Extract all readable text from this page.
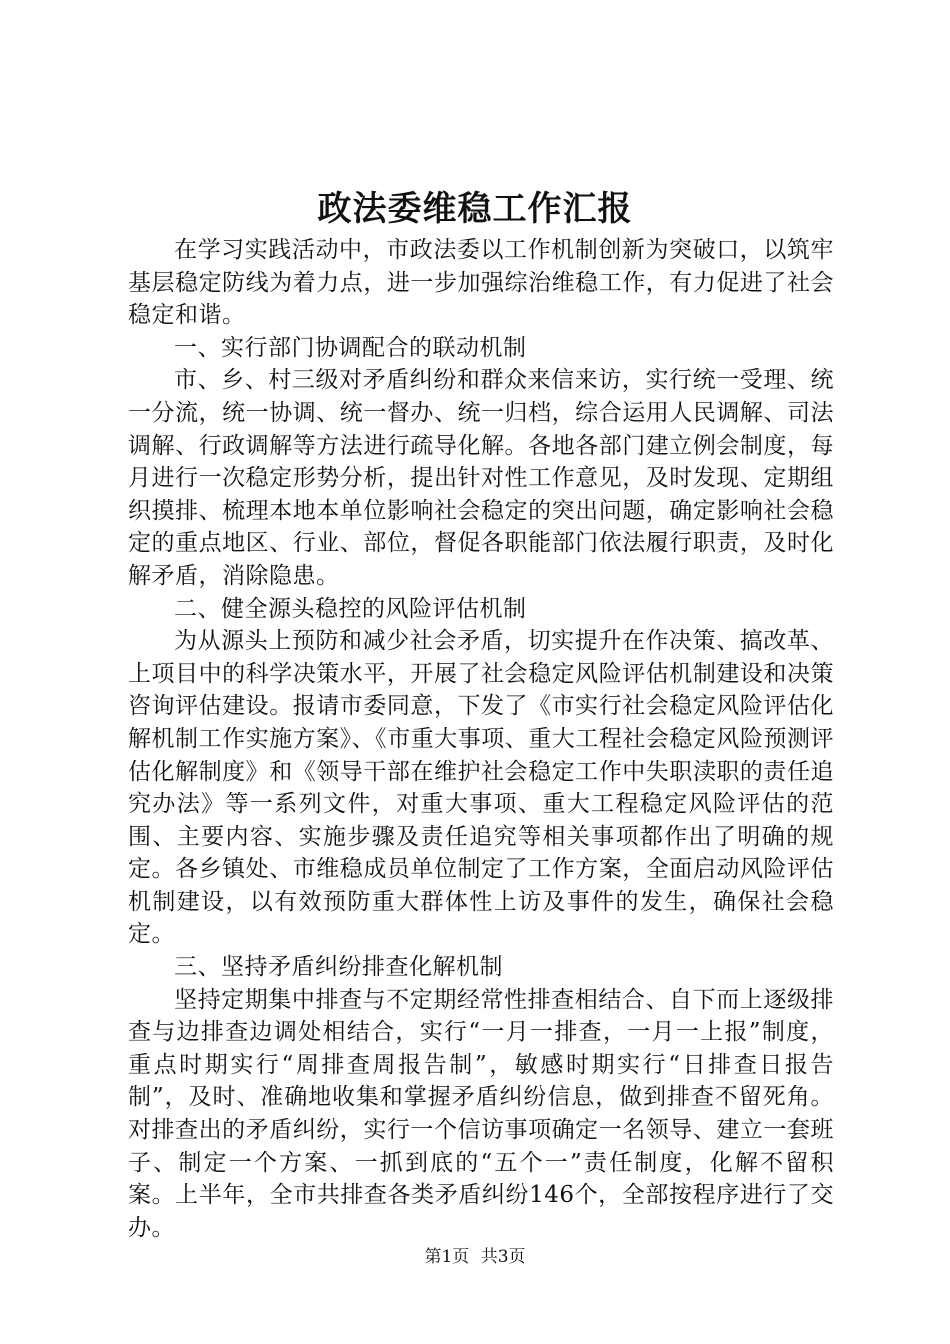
政法委维稳工作汇报

在学习实践活动中，市政法委以工作机制创新为突破口，以筑牢基层稳定防线为着力点，进一步加强综治维稳工作，有力促进了社会稳定和谐。

一、实行部门协调配合的联动机制

市、乡、村三级对矛盾纠纷和群众来信来访，实行统一受理、统一分流，统一协调、统一督办、统一归档，综合运用人民调解、司法调解、行政调解等方法进行疏导化解。各地各部门建立例会制度，每月进行一次稳定形势分析，提出针对性工作意见，及时发现、定期组织摸排、梳理本地本单位影响社会稳定的突出问题，确定影响社会稳定的重点地区、行业、部位，督促各职能部门依法履行职责，及时化解矛盾，消除隐患。

二、健全源头稳控的风险评估机制

为从源头上预防和减少社会矛盾，切实提升在作决策、搞改革、上项目中的科学决策水平，开展了社会稳定风险评估机制建设和决策咨询评估建设。报请市委同意，下发了《市实行社会稳定风险评估化解机制工作实施方案》、《市重大事项、重大工程社会稳定风险预测评估化解制度》和《领导干部在维护社会稳定工作中失职渎职的责任追究办法》等一系列文件，对重大事项、重大工程稳定风险评估的范围、主要内容、实施步骤及责任追究等相关事项都作出了明确的规定。各乡镇处、市维稳成员单位制定了工作方案，全面启动风险评估机制建设，以有效预防重大群体性上访及事件的发生，确保社会稳定。

三、坚持矛盾纠纷排查化解机制

坚持定期集中排查与不定期经常性排查相结合、自下而上逐级排查与边排查边调处相结合，实行“一月一排查，一月一上报”制度，重点时期实行“周排查周报告制”，敏感时期实行“日排查日报告制”，及时、准确地收集和掌握矛盾纠纷信息，做到排查不留死角。对排查出的矛盾纠纷，实行一个信访事项确定一名领导、建立一套班子、制定一个方案、一抓到底的“五个一”责任制度，化解不留积案。上半年，全市共排查各类矛盾纠纷146个，全部按程序进行了交办。

第1页 共3页
